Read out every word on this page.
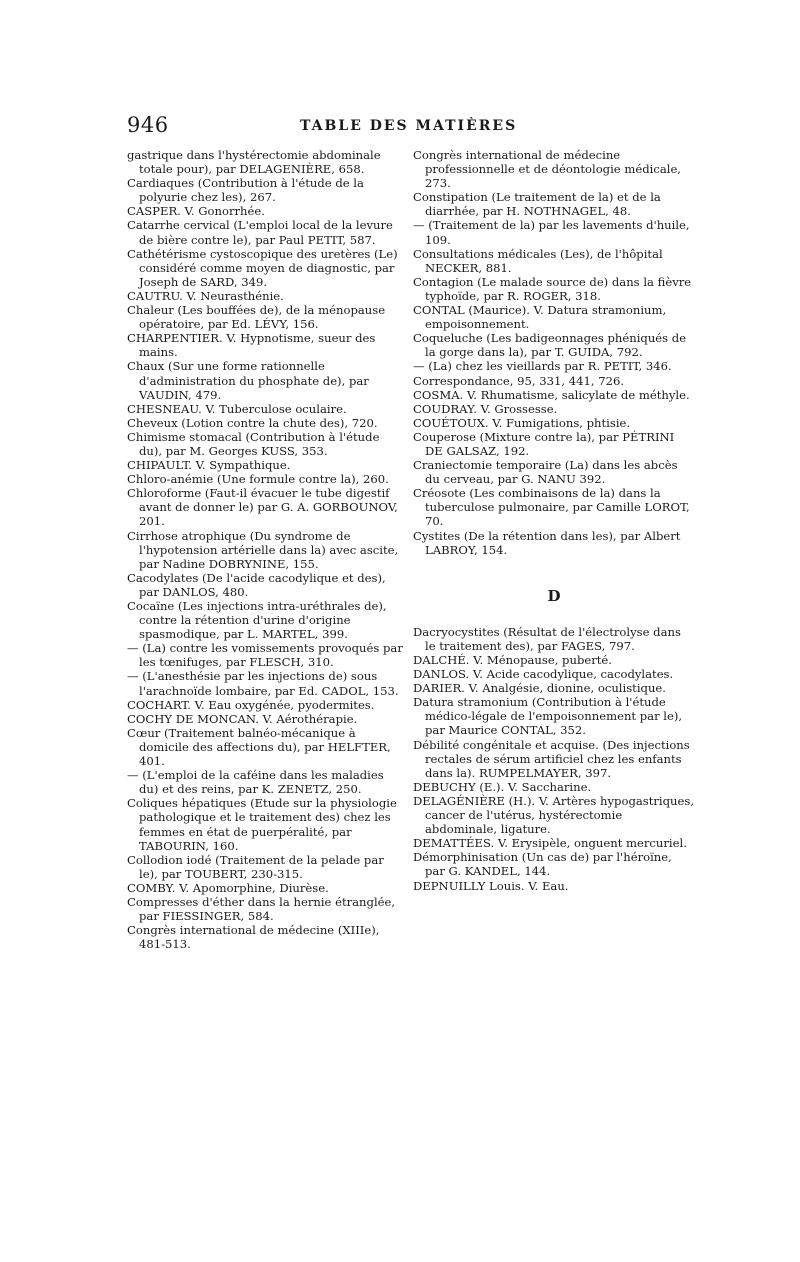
946	TABLE DES MATIÈRES

gastrique dans l'hystérectomie abdominale totale pour), par DELAGENIÈRE, 658.

Cardiaques (Contribution à l'étude de la polyurie chez les), 267.

CASPER. V. Gonorrhée.

Catarrhe cervical (L'emploi local de la levure de bière contre le), par Paul PETIT, 587.

Cathétérisme cystoscopique des uretères (Le) considéré comme moyen de diagnostic, par Joseph de SARD, 349.

CAUTRU. V. Neurasthénie.

Chaleur (Les bouffées de), de la ménopause opératoire, par Ed. LÉVY, 156.

CHARPENTIER. V. Hypnotisme, sueur des mains.

Chaux (Sur une forme rationnelle d'administration du phosphate de), par VAUDIN, 479.

CHESNEAU. V. Tuberculose oculaire.

Cheveux (Lotion contre la chute des), 720.

Chimisme stomacal (Contribution à l'étude du), par M. Georges KUSS, 353.

CHIPAULT. V. Sympathique.

Chloro-anémie (Une formule contre la), 260.

Chloroforme (Faut-il évacuer le tube digestif avant de donner le) par G. A. GORBOUNOV, 201.

Cirrhose atrophique (Du syndrome de l'hypotension artérielle dans la) avec ascite, par Nadine DOBRYNINE, 155.

Cacodylates (De l'acide cacodylique et des), par DANLOS, 480.

Cocaïne (Les injections intra-uréthrales de), contre la rétention d'urine d'origine spasmodique, par L. MARTEL, 399.

— (La) contre les vomissements provoqués par les tœnifuges, par FLESCH, 310.

— (L'anesthésie par les injections de) sous l'arachnoïde lombaire, par Ed. CADOL, 153.

COCHART. V. Eau oxygénée, pyodermites.

COCHY DE MONCAN. V. Aérothérapie.

Cœur (Traitement balnéo-mécanique à domicile des affections du), par HELFTER, 401.

— (L'emploi de la caféine dans les maladies du) et des reins, par K. ZENETZ, 250.

Coliques hépatiques (Etude sur la physiologie pathologique et le traitement des) chez les femmes en état de puerpéralité, par TABOURIN, 160.

Collodion iodé (Traitement de la pelade par le), par TOUBERT, 230-315.

COMBY. V. Apomorphine, Diurèse.

Compresses d'éther dans la hernie étranglée, par FIESSINGER, 584.

Congrès international de médecine (XIIIe), 481-513.

Congrès international de médecine professionnelle et de déontologie médicale, 273.

Constipation (Le traitement de la) et de la diarrhée, par H. NOTHNAGEL, 48.

— (Traitement de la) par les lavements d'huile, 109.

Consultations médicales (Les), de l'hôpital NECKER, 881.

Contagion (Le malade source de) dans la fièvre typhoïde, par R. ROGER, 318.

CONTAL (Maurice). V. Datura stramonium, empoisonnement.

Coqueluche (Les badigeonnages phéniqués de la gorge dans la), par T. GUIDA, 792.

— (La) chez les vieillards par R. PETIT, 346.

Correspondance, 95, 331, 441, 726.

COSMA. V. Rhumatisme, salicylate de méthyle.

COUDRAY. V. Grossesse.

COUÉTOUX. V. Fumigations, phtisie.

Couperose (Mixture contre la), par PÉTRINI DE GALSAZ, 192.

Craniectomie temporaire (La) dans les abcès du cerveau, par G. NANU 392.

Créosote (Les combinaisons de la) dans la tuberculose pulmonaire, par Camille LOROT, 70.

Cystites (De la rétention dans les), par Albert LABROY, 154.

D

Dacryocystites (Résultat de l'électrolyse dans le traitement des), par FAGES, 797.

DALCHÉ. V. Ménopause, puberté.

DANLOS. V. Acide cacodylique, cacodylates.

DARIER. V. Analgésie, dionine, oculistique.

Datura stramonium (Contribution à l'étude médico-légale de l'empoisonnement par le), par Maurice CONTAL, 352.

Débilité congénitale et acquise. (Des injections rectales de sérum artificiel chez les enfants dans la). RUMPELMAYER, 397.

DEBUCHY (E.). V. Saccharine.

DELAGÉNIÈRE (H.). V. Artères hypogastriques, cancer de l'utérus, hystérectomie abdominale, ligature.

DEMATTÉES. V. Erysipèle, onguent mercuriel.

Démorphinisation (Un cas de) par l'héroïne, par G. KANDEL, 144.

DEPNUILLY Louis. V. Eau.
